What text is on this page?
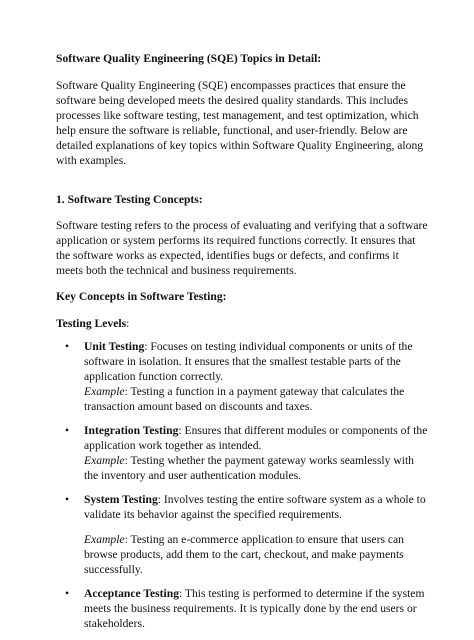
Software Quality Engineering (SQE) Topics in Detail:

Software Quality Engineering (SQE) encompasses practices that ensure the software being developed meets the desired quality standards. This includes processes like software testing, test management, and test optimization, which help ensure the software is reliable, functional, and user-friendly. Below are detailed explanations of key topics within Software Quality Engineering, along with examples.

1. Software Testing Concepts:

Software testing refers to the process of evaluating and verifying that a software application or system performs its required functions correctly. It ensures that the software works as expected, identifies bugs or defects, and confirms it meets both the technical and business requirements.

Key Concepts in Software Testing:

Testing Levels:

• Unit Testing: Focuses on testing individual components or units of the software in isolation. It ensures that the smallest testable parts of the application function correctly.
Example: Testing a function in a payment gateway that calculates the transaction amount based on discounts and taxes.
• Integration Testing: Ensures that different modules or components of the application work together as intended.
Example: Testing whether the payment gateway works seamlessly with the inventory and user authentication modules.
• System Testing: Involves testing the entire software system as a whole to validate its behavior against the specified requirements.
Example: Testing an e-commerce application to ensure that users can browse products, add them to the cart, checkout, and make payments successfully.
• Acceptance Testing: This testing is performed to determine if the system meets the business requirements. It is typically done by the end users or stakeholders.
